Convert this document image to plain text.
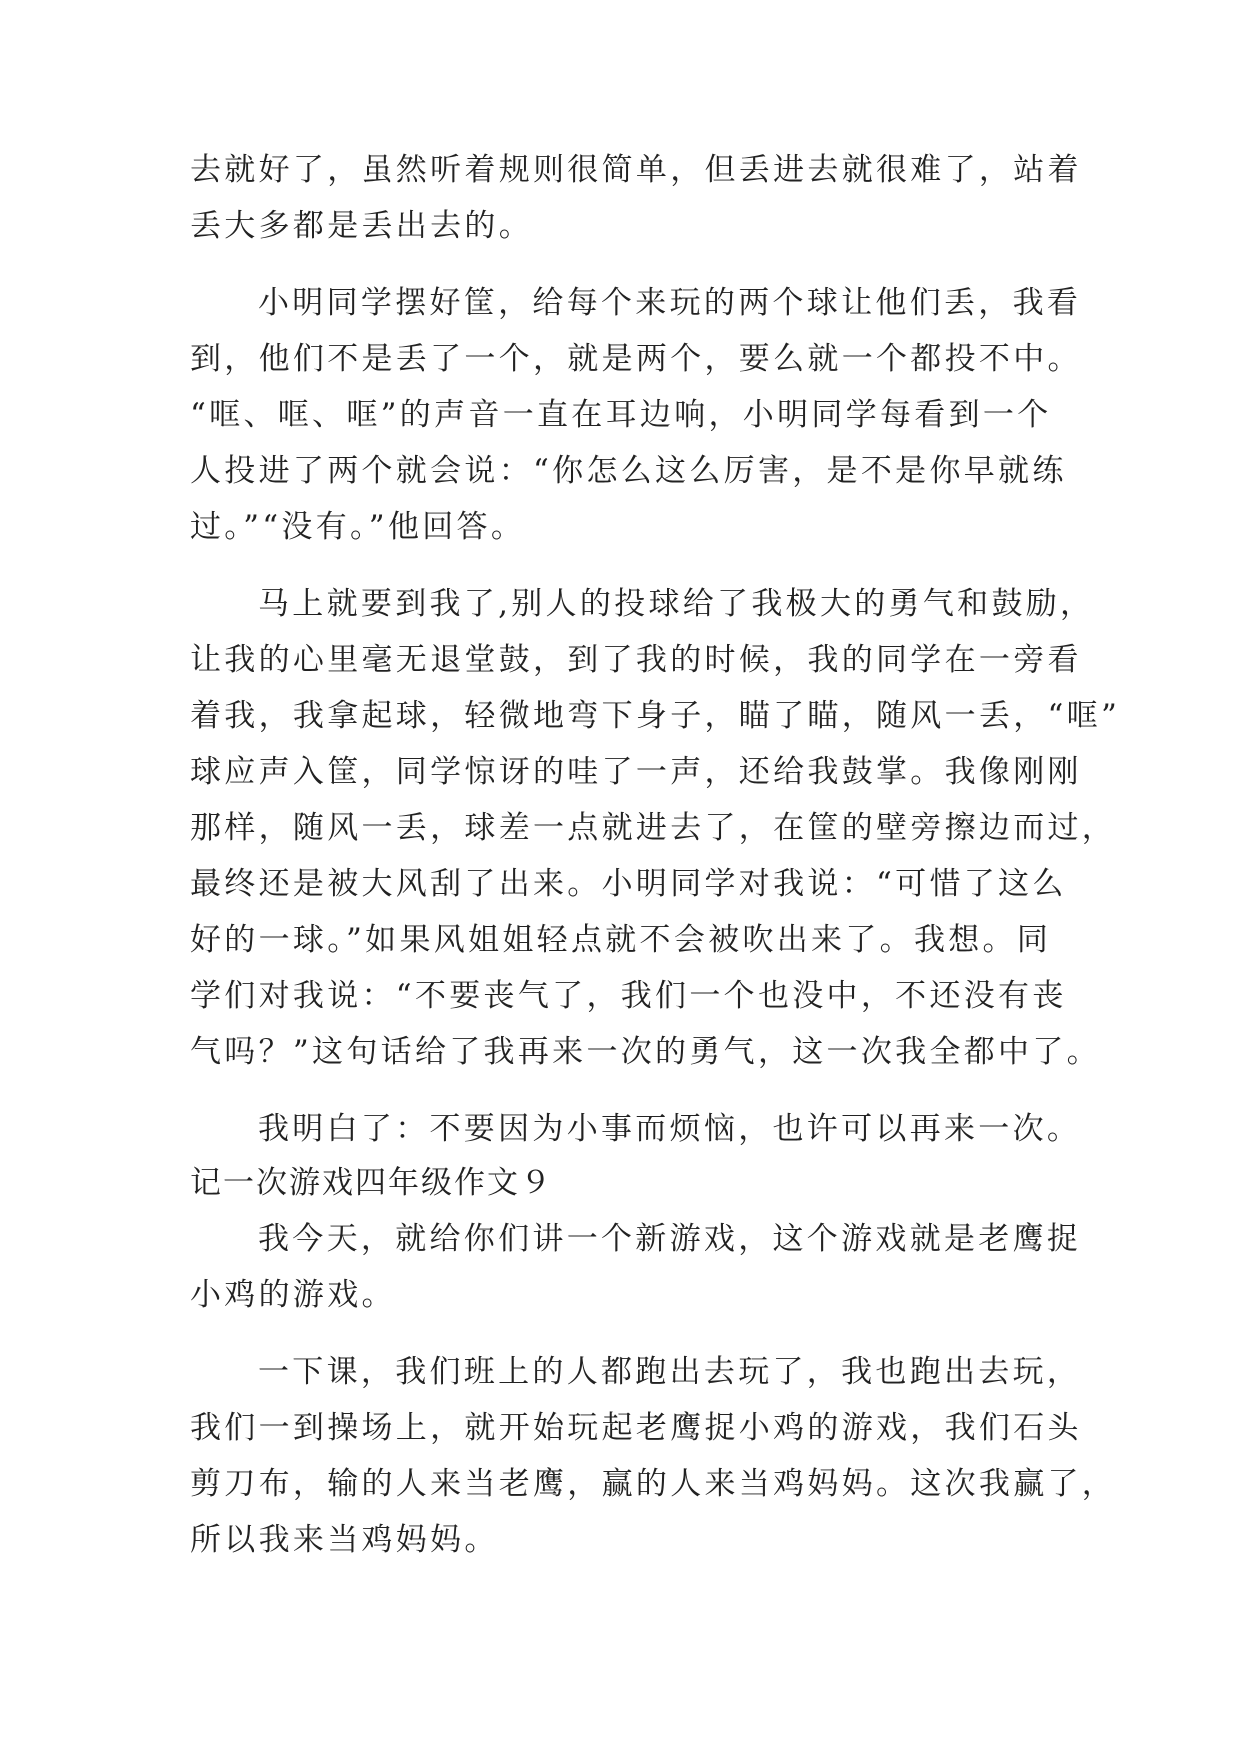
去就好了，虽然听着规则很简单，但丢进去就很难了，站着
丢大多都是丢出去的。
小明同学摆好筐，给每个来玩的两个球让他们丢，我看
到，他们不是丢了一个，就是两个，要么就一个都投不中。
“哐、哐、哐”的声音一直在耳边响，小明同学每看到一个
人投进了两个就会说：“你怎么这么厉害，是不是你早就练
过。”“没有。”他回答。
马上就要到我了,别人的投球给了我极大的勇气和鼓励，
让我的心里毫无退堂鼓，到了我的时候，我的同学在一旁看
着我，我拿起球，轻微地弯下身子，瞄了瞄，随风一丢，“哐”
球应声入筐，同学惊讶的哇了一声，还给我鼓掌。我像刚刚
那样，随风一丢，球差一点就进去了，在筐的壁旁擦边而过，
最终还是被大风刮了出来。小明同学对我说：“可惜了这么
好的一球。”如果风姐姐轻点就不会被吹出来了。我想。同
学们对我说：“不要丧气了，我们一个也没中，不还没有丧
气吗？”这句话给了我再来一次的勇气，这一次我全都中了。
我明白了：不要因为小事而烦恼，也许可以再来一次。
记一次游戏四年级作文９
我今天，就给你们讲一个新游戏，这个游戏就是老鹰捉
小鸡的游戏。
一下课，我们班上的人都跑出去玩了，我也跑出去玩，
我们一到操场上，就开始玩起老鹰捉小鸡的游戏，我们石头
剪刀布，输的人来当老鹰，赢的人来当鸡妈妈。这次我赢了，
所以我来当鸡妈妈。
